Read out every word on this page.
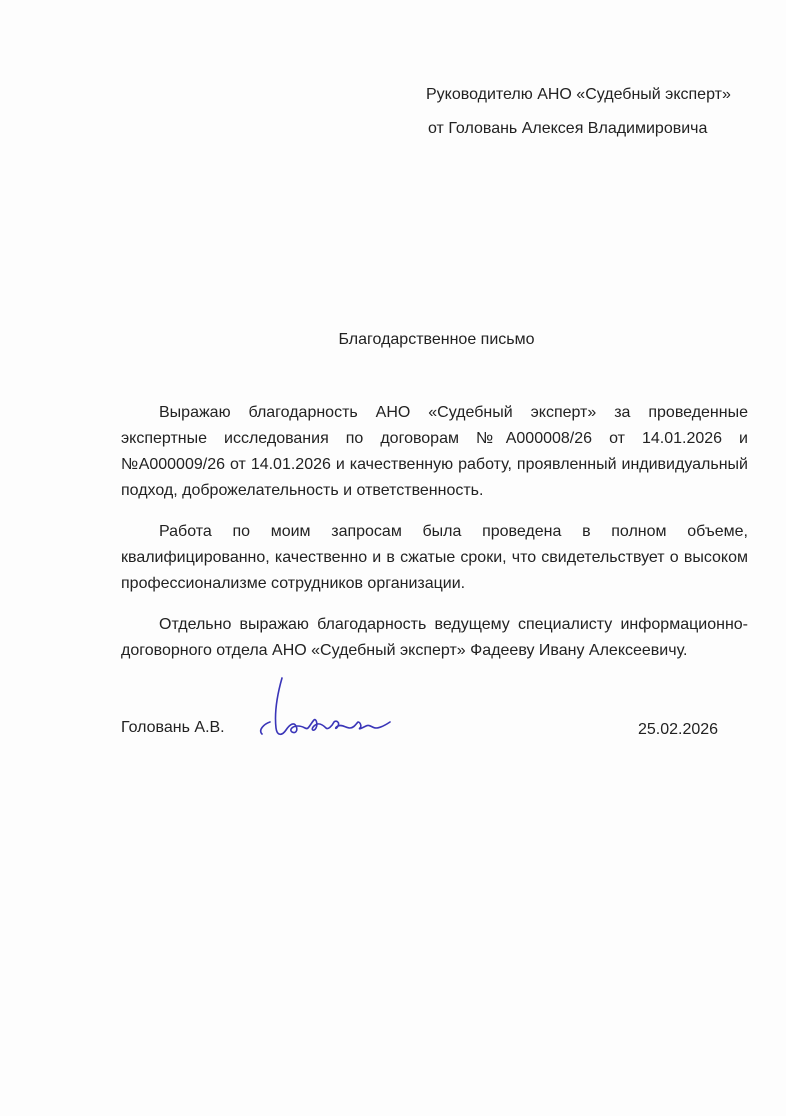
Руководителю АНО «Судебный эксперт»
от Головань Алексея Владимировича
Благодарственное письмо

Выражаю благодарность АНО «Судебный эксперт» за проведенные экспертные исследования по договорам №А000008/26 от 14.01.2026 и №А000009/26 от 14.01.2026 и качественную работу, проявленный индивидуальный подход, доброжелательность и ответственность.

Работа по моим запросам была проведена в полном объеме, квалифицированно, качественно и в сжатые сроки, что свидетельствует о высоком профессионализме сотрудников организации.

Отдельно выражаю благодарность ведущему специалисту информационно-договорного отдела АНО «Судебный эксперт» Фадееву Ивану Алексеевичу.

Головань А.В.	25.02.2026
